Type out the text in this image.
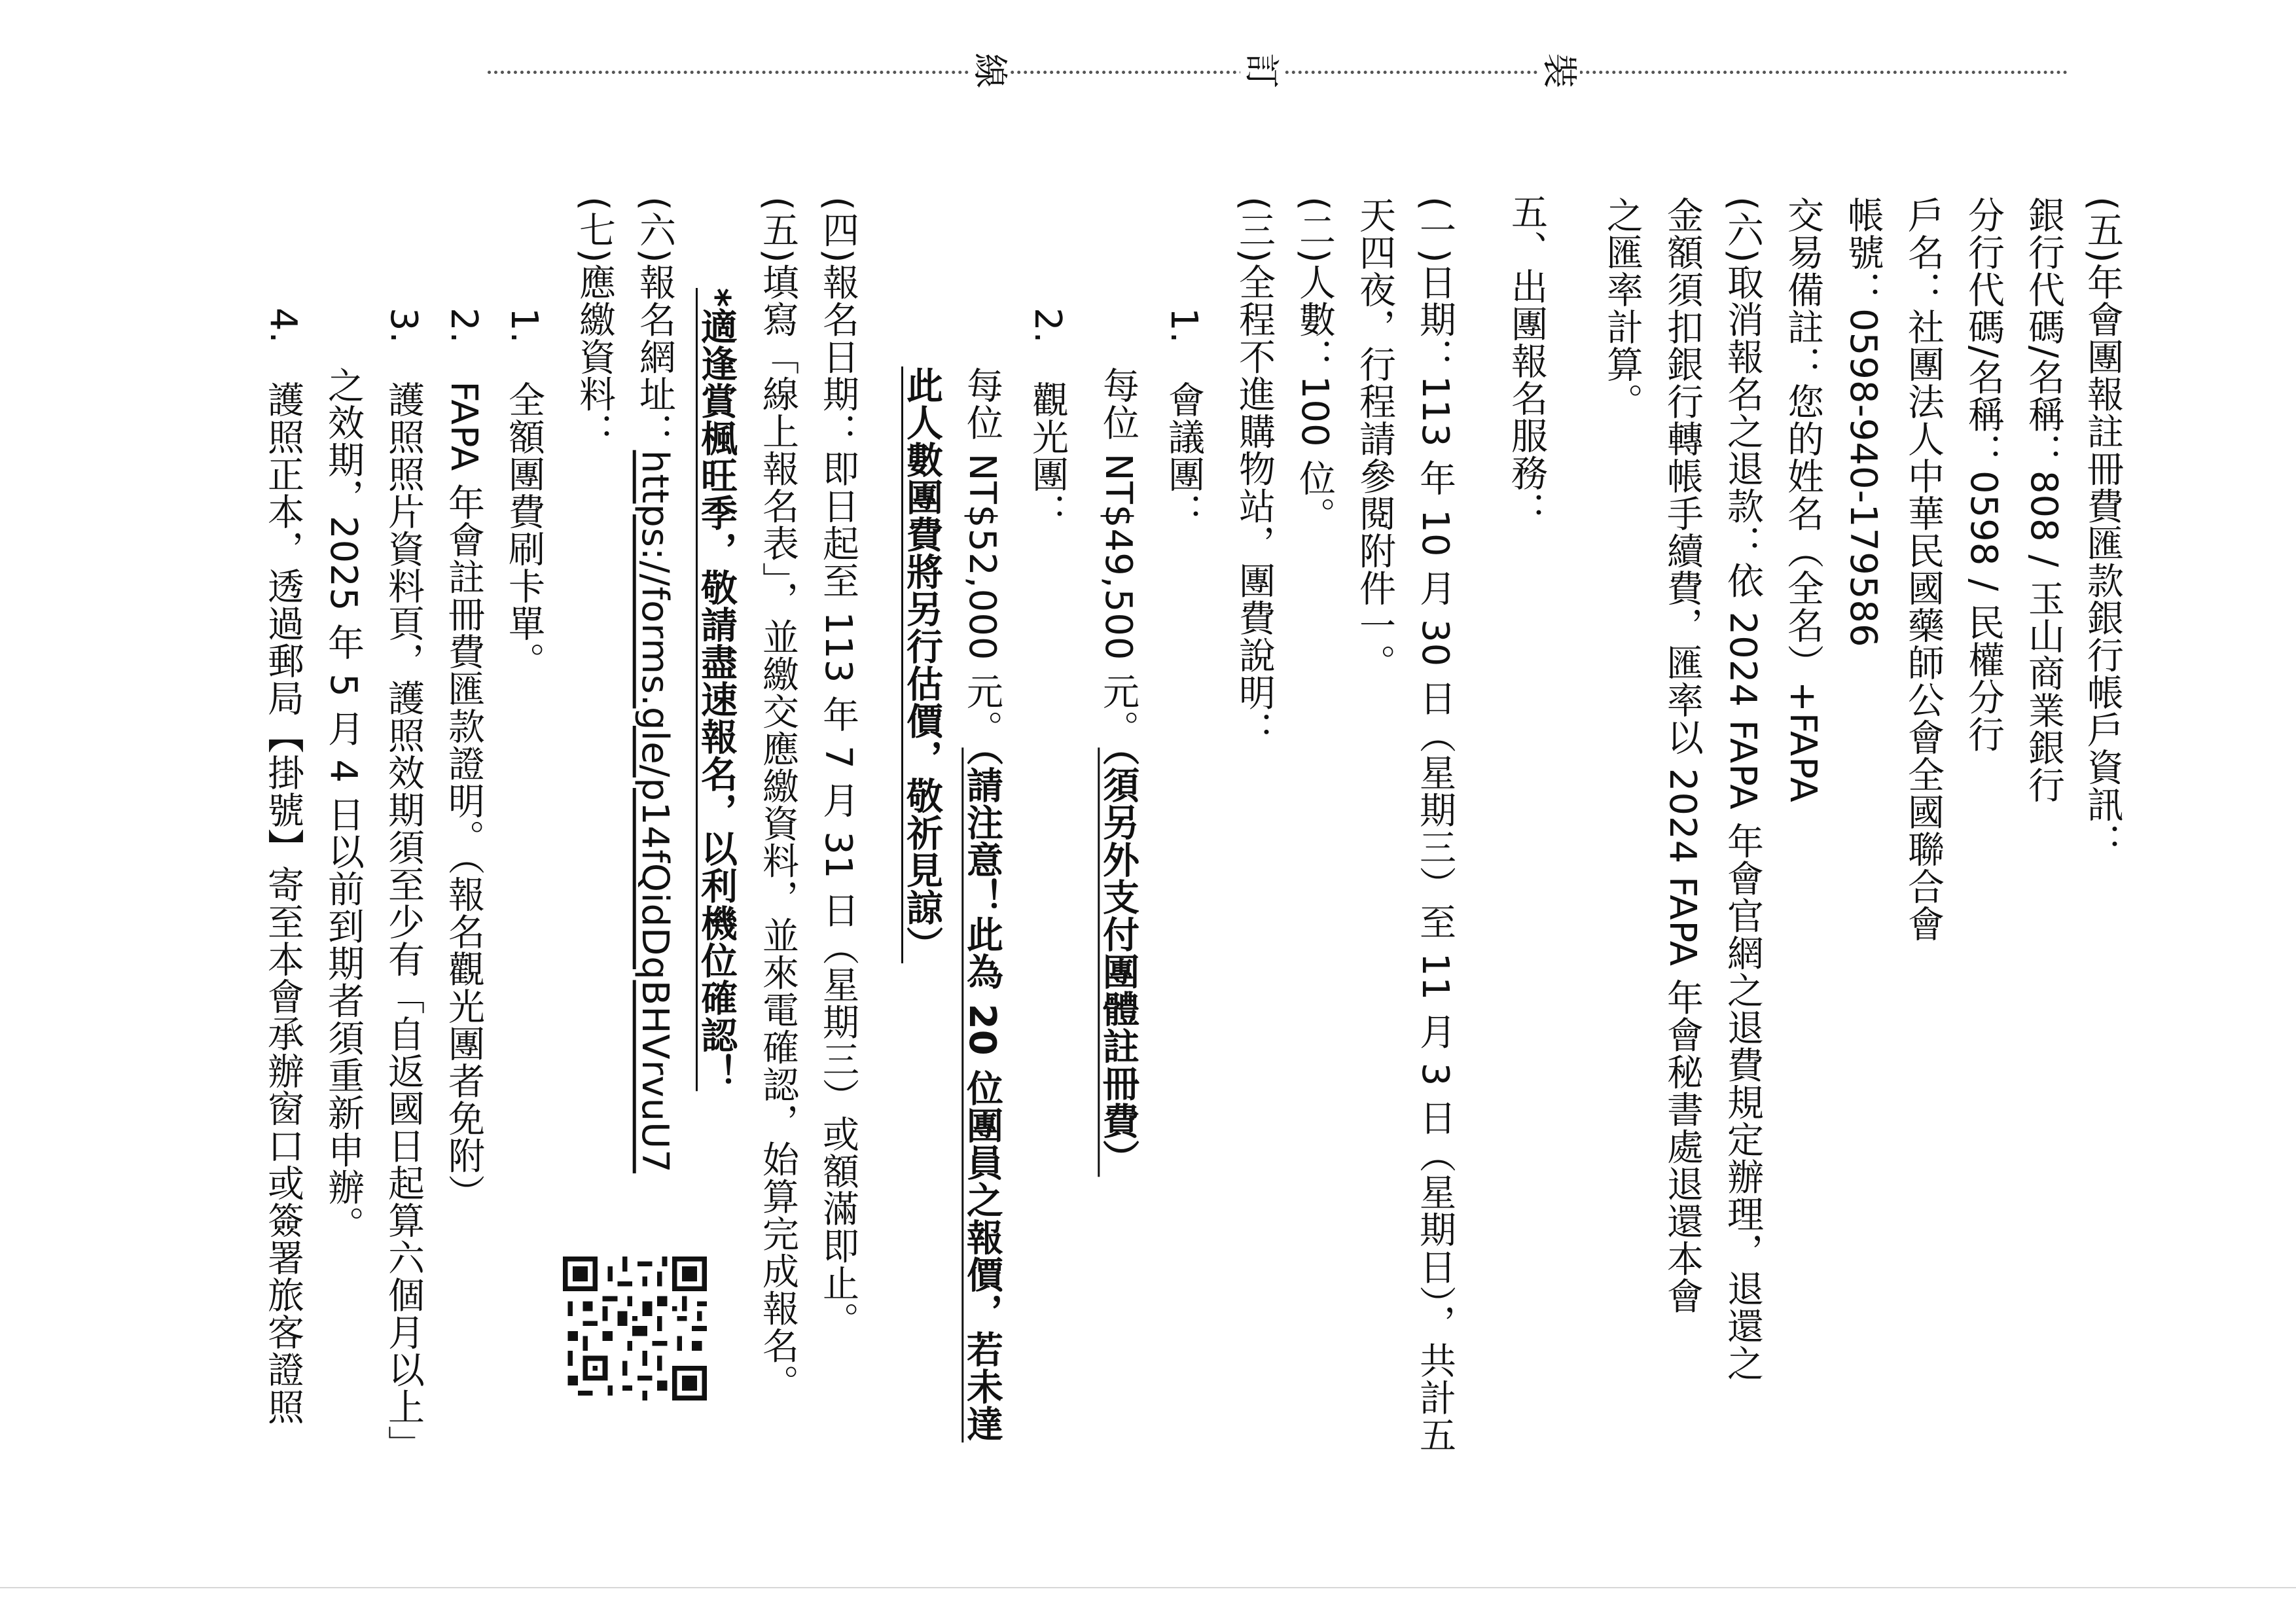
裝
訂
線
(五)年會團報註冊費匯款銀行帳戶資訊：
銀行代碼/名稱：808 / 玉山商業銀行
分行代碼/名稱：0598 / 民權分行
戶名：社團法人中華民國藥師公會全國聯合會
帳號：0598-940-179586
交易備註：您的姓名（全名）+FAPA
(六)取消報名之退款：依 2024 FAPA 年會官網之退費規定辦理，退還之
金額須扣銀行轉帳手續費，匯率以 2024 FAPA 年會秘書處退還本會
之匯率計算。
五、出團報名服務：
(一)日期：113 年 10 月 30 日（星期三）至 11 月 3 日（星期日），共計五
天四夜，行程請參閱附件一。
(二)人數：100 位。
(三)全程不進購物站，團費說明：
1.　會議團：
每位 NT$49,500 元。（須另外支付團體註冊費）
2.　觀光團：
每位 NT$52,000 元。（請注意！此為 20 位團員之報價，若未達
此人數團費將另行估價，敬祈見諒）
(四)報名日期：即日起至 113 年 7 月 31 日（星期三）或額滿即止。
(五)填寫「線上報名表」，並繳交應繳資料，並來電確認，始算完成報名。
*適逢賞楓旺季，敬請盡速報名，以利機位確認！
(六)報名網址：https://forms.gle/p14fQidDqBHVrvuU7
(七)應繳資料：
1.　全額團費刷卡單。
2.　FAPA 年會註冊費匯款證明。（報名觀光團者免附）
3.　護照照片資料頁，護照效期須至少有「自返國日起算六個月以上」
之效期，2025 年 5 月 4 日以前到期者須重新申辦。
4.　護照正本，透過郵局【掛號】寄至本會承辦窗口或簽署旅客證照
